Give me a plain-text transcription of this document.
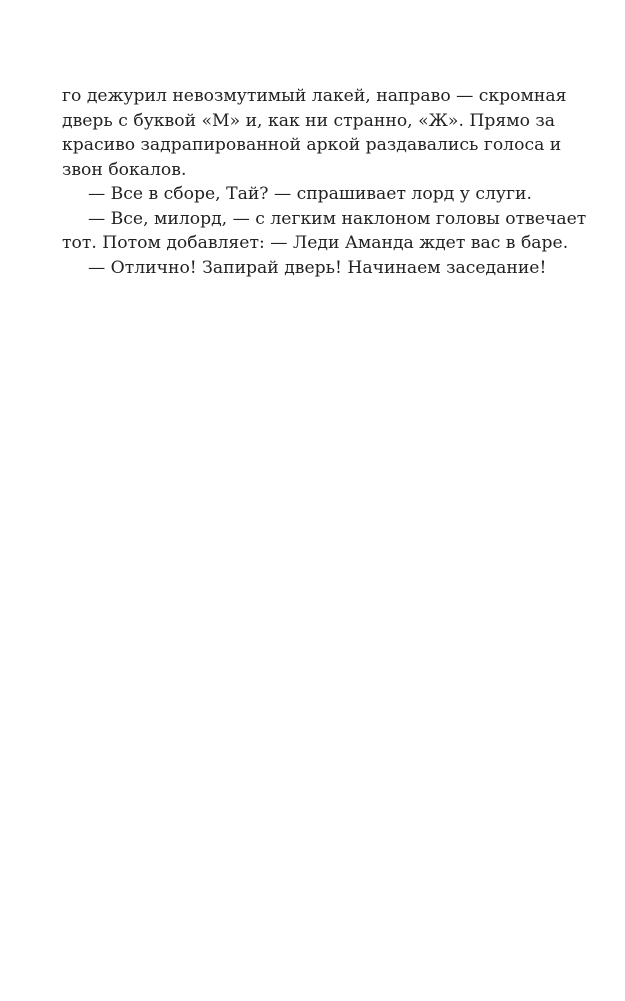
го дежурил невозмутимый лакей, направо — скромная
дверь с буквой «М» и, как ни странно, «Ж». Прямо за
красиво задрапированной аркой раздавались голоса и
звон бокалов.
— Все в сборе, Тай? — спрашивает лорд у слуги.
— Все, милорд, — с легким наклоном головы отвечает
тот. Потом добавляет: — Леди Аманда ждет вас в баре.
— Отлично! Запирай дверь! Начинаем заседание!
